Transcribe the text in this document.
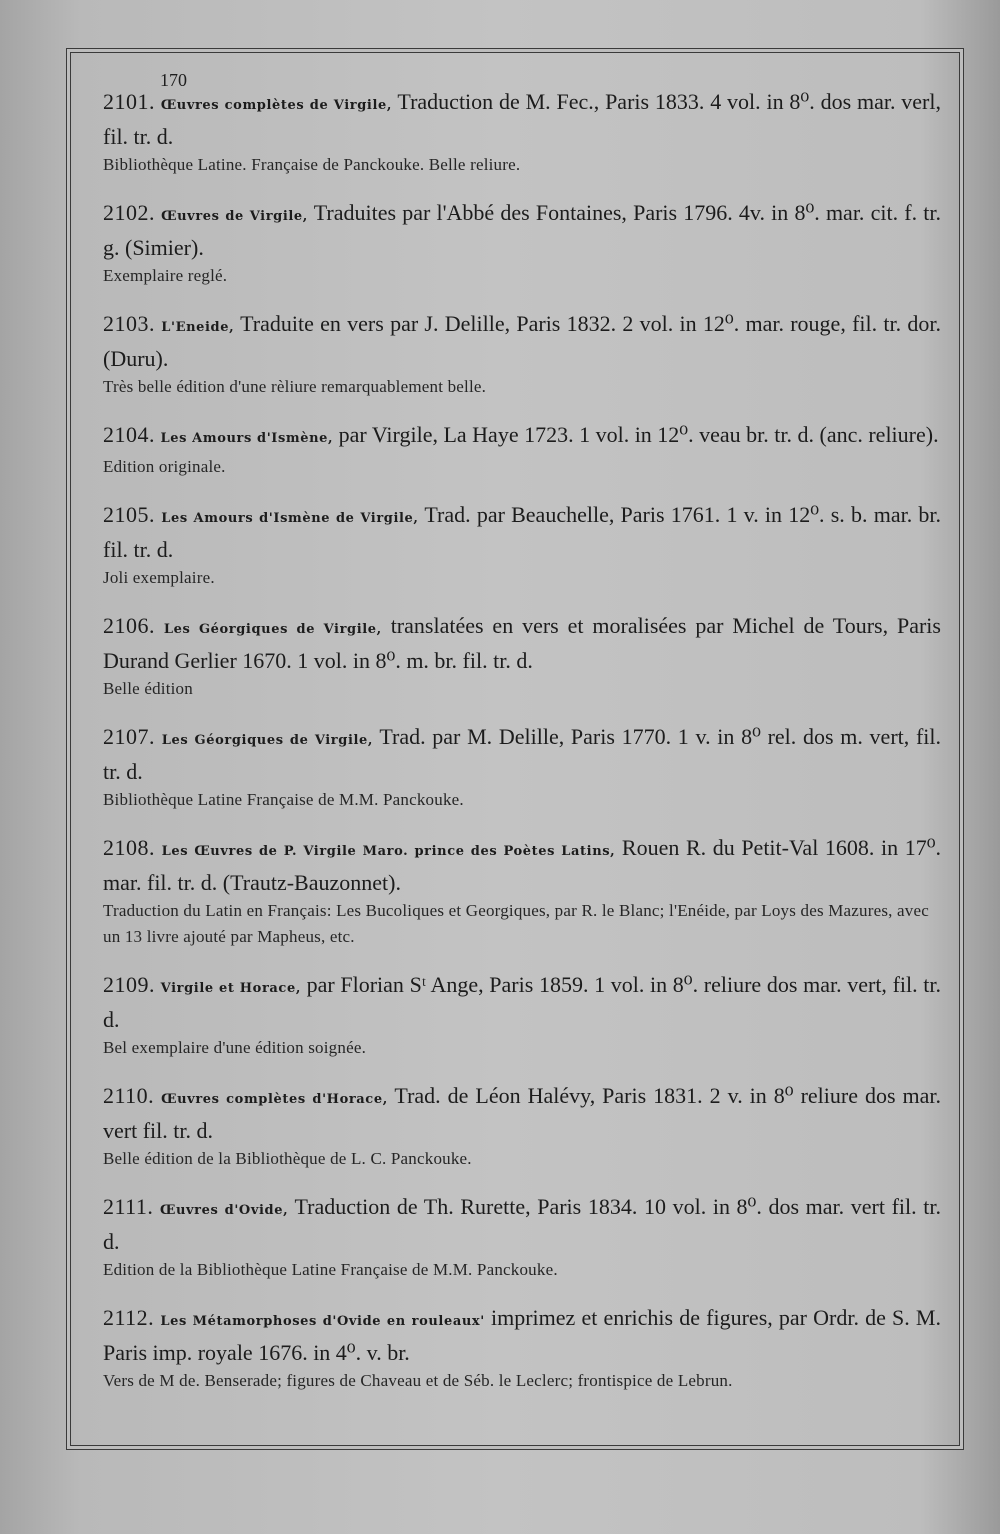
170
2101. Œuvres complètes de Virgile, Traduction de M. Fec., Paris 1833. 4 vol. in 8⁰. dos mar. verl, fil. tr. d.
Bibliothèque Latine. Française de Panckouke. Belle reliure.
2102. Œuvres de Virgile, Traduites par l'Abbé des Fontaines, Paris 1796. 4v. in 8⁰. mar. cit. f. tr. g. (Simier).
Exemplaire reglé.
2103. L'Eneide, Traduite en vers par J. Delille, Paris 1832. 2 vol. in 12⁰. mar. rouge, fil. tr. dor. (Duru).
Très belle édition d'une rèliure remarquablement belle.
2104. Les Amours d'Ismène, par Virgile, La Haye 1723. 1 vol. in 12⁰. veau br. tr. d. (anc. reliure).
Edition originale.
2105. Les Amours d'Ismène de Virgile, Trad. par Beauchelle, Paris 1761. 1 v. in 12⁰. s. b. mar. br. fil. tr. d.
Joli exemplaire.
2106. Les Géorgiques de Virgile, translatées en vers et moralisées par Michel de Tours, Paris Durand Gerlier 1670. 1 vol. in 8⁰. m. br. fil. tr. d.
Belle édition
2107. Les Géorgiques de Virgile, Trad. par M. Delille, Paris 1770. 1 v. in 8⁰ rel. dos m. vert, fil. tr. d.
Bibliothèque Latine Française de M.M. Panckouke.
2108. Les Œuvres de P. Virgile Maro. prince des Poètes Latins, Rouen R. du Petit-Val 1608. in 17⁰. mar. fil. tr. d. (Trautz-Bauzonnet).
Traduction du Latin en Français: Les Bucoliques et Georgiques, par R. le Blanc; l'Enéide, par Loys des Mazures, avec un 13 livre ajouté par Mapheus, etc.
2109. Virgile et Horace, par Florian Sᵗ Ange, Paris 1859. 1 vol. in 8⁰. reliure dos mar. vert, fil. tr. d.
Bel exemplaire d'une édition soignée.
2110. Œuvres complètes d'Horace, Trad. de Léon Halévy, Paris 1831. 2 v. in 8⁰ reliure dos mar. vert fil. tr. d.
Belle édition de la Bibliothèque de L. C. Panckouke.
2111. Œuvres d'Ovide, Traduction de Th. Rurette, Paris 1834. 10 vol. in 8⁰. dos mar. vert fil. tr. d.
Edition de la Bibliothèque Latine Française de M.M. Panckouke.
2112. Les Métamorphoses d'Ovide en rouleaux' imprimez et enrichis de figures, par Ordr. de S. M. Paris imp. royale 1676. in 4⁰. v. br.
Vers de M de. Benserade; figures de Chaveau et de Séb. le Leclerc; frontispice de Lebrun.
